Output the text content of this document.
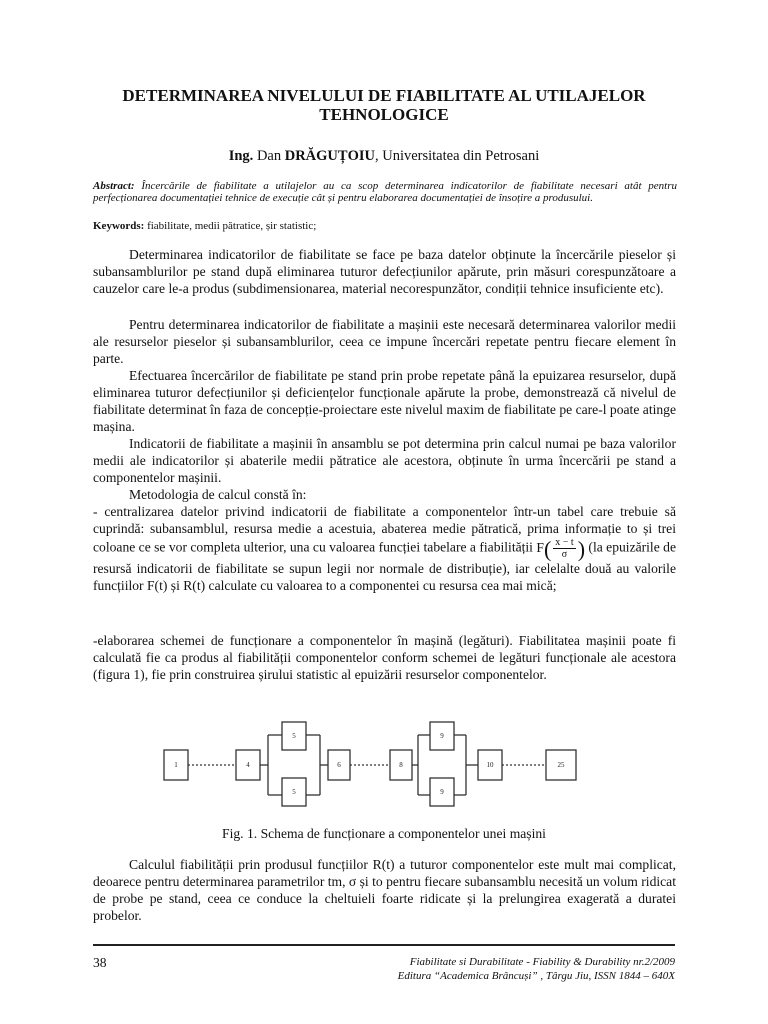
DETERMINAREA NIVELULUI DE FIABILITATE AL UTILAJELOR TEHNOLOGICE
Ing. Dan DRĂGUȚOIU, Universitatea din Petrosani
Abstract: Încercările de fiabilitate a utilajelor au ca scop determinarea indicatorilor de fiabilitate necesari atât pentru perfecționarea documentației tehnice de execuție cât și pentru elaborarea documentației de însoțire a produsului.
Keywords: fiabilitate, medii pătratice, șir statistic;
Determinarea indicatorilor de fiabilitate se face pe baza datelor obținute la încercările pieselor și subansamblurilor pe stand după eliminarea tuturor defecțiunilor apărute, prin măsuri corespunzătoare a cauzelor care le-a produs (subdimensionarea, material necorespunzător, condiții tehnice insuficiente etc).
Pentru determinarea indicatorilor de fiabilitate a mașinii este necesară determinarea valorilor medii ale resurselor pieselor și subansamblurilor, ceea ce impune încercări repetate pentru fiecare element în parte.
Efectuarea încercărilor de fiabilitate pe stand prin probe repetate până la epuizarea resurselor, după eliminarea tuturor defecțiunilor și deficiențelor funcționale apărute la probe, demonstrează că nivelul de fiabilitate determinat în faza de concepție-proiectare este nivelul maxim de fiabilitate pe care-l poate atinge mașina.
Indicatorii de fiabilitate a mașinii în ansamblu se pot determina prin calcul numai pe baza valorilor medii ale indicatorilor și abaterile medii pătratice ale acestora, obținute în urma încercării pe stand a componentelor mașinii.
Metodologia de calcul constă în:
- centralizarea datelor privind indicatorii de fiabilitate a componentelor într-un tabel care trebuie să cuprindă: subansamblul, resursa medie a acestuia, abaterea medie pătratică, prima informație to și trei coloane ce se vor completa ulterior, una cu valoarea funcției tabelare a fiabilității $F( \frac{x - t}{\sigma}$ ) (la epuizările de resursă indicatorii de fiabilitate se supun legii nor normale de distribuție), iar celelalte două au valorile funcțiilor F(t) și R(t) calculate cu valoarea to a componentei cu resursa cea mai mică;
-elaborarea schemei de funcționare a componentelor în mașină (legături). Fiabilitatea mașinii poate fi calculată fie ca produs al fiabilității componentelor conform schemei de legături funcționale ale acestora (figura 1), fie prin construirea șirului statistic al epuizării resurselor componentelor.
1	4
5
5
6	8
9
9
10	25
Fig. 1. Schema de funcționare a componentelor unei mașini
Calculul fiabilității prin produsul funcțiilor R(t) a tuturor componentelor este mult mai complicat, deoarece pentru determinarea parametrilor tm, σ și to pentru fiecare subansamblu necesită un volum ridicat de probe pe stand, ceea ce conduce la cheltuieli foarte ridicate și la prelungirea exagerată a duratei probelor.
38	Fiabilitate si Durabilitate - Fiability & Durability nr.2/2009
Editura “Academica Brâncuși” , Târgu Jiu, ISSN 1844 – 640X
